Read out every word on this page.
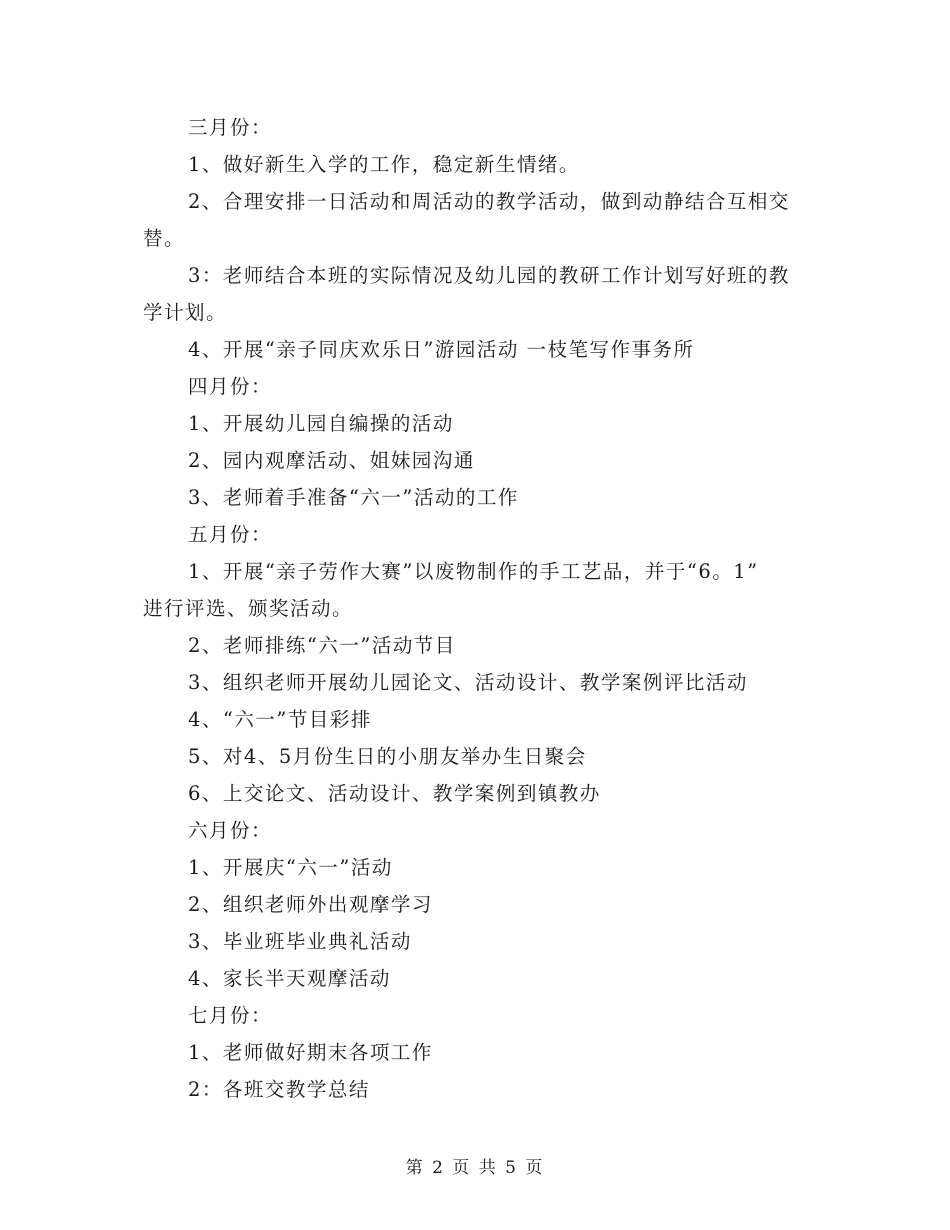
三月份：
1、做好新生入学的工作，稳定新生情绪。
2、合理安排一日活动和周活动的教学活动，做到动静结合互相交
替。
3：老师结合本班的实际情况及幼儿园的教研工作计划写好班的教
学计划。
4、开展“亲子同庆欢乐日”游园活动 一枝笔写作事务所
四月份：
1、开展幼儿园自编操的活动
2、园内观摩活动、姐妹园沟通
3、老师着手准备“六一”活动的工作
五月份：
1、开展“亲子劳作大赛”以废物制作的手工艺品，并于“6。1”
进行评选、颁奖活动。
2、老师排练“六一”活动节目
3、组织老师开展幼儿园论文、活动设计、教学案例评比活动
4、“六一”节目彩排
5、对4、5月份生日的小朋友举办生日聚会
6、上交论文、活动设计、教学案例到镇教办
六月份：
1、开展庆“六一”活动
2、组织老师外出观摩学习
3、毕业班毕业典礼活动
4、家长半天观摩活动
七月份：
1、老师做好期末各项工作
2：各班交教学总结
第 2 页 共 5 页
